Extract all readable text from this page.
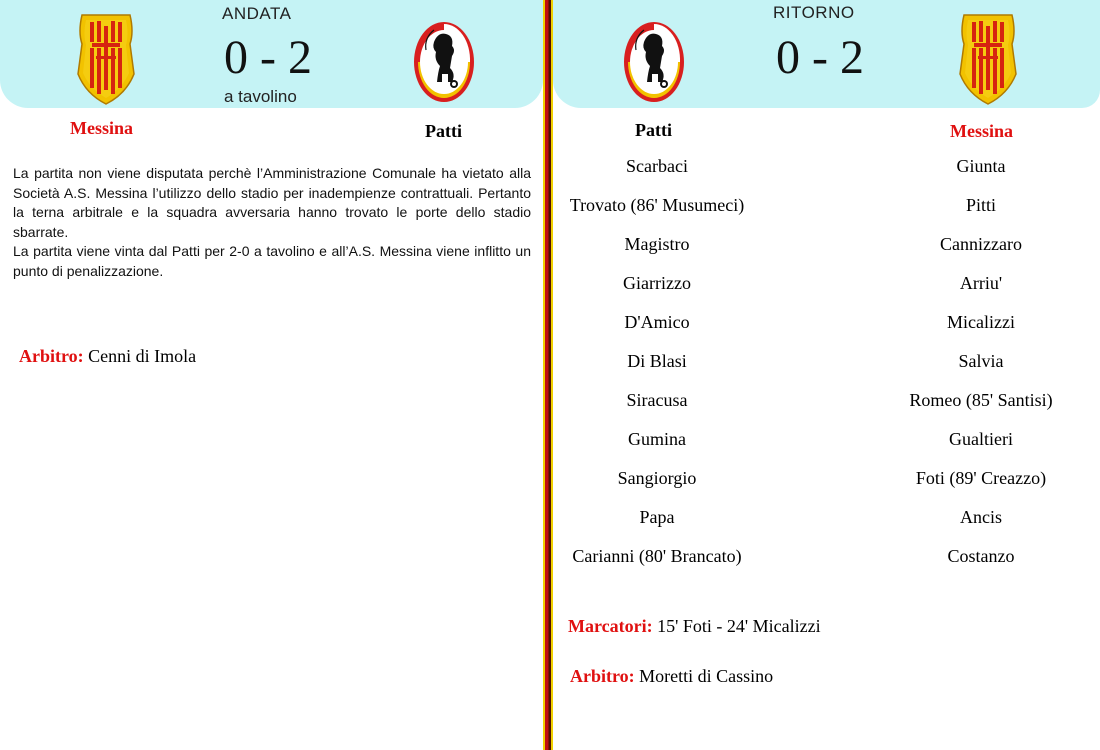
ANDATA
0 - 2
a tavolino
Messina	Patti

La partita non viene disputata perchè l’Amministrazione Comunale ha vietato alla Società A.S. Messina l’utilizzo dello stadio per inadempienze contrattuali. Pertanto la terna arbitrale e la squadra avversaria hanno trovato le porte dello stadio sbarrate.

La partita viene vinta dal Patti per 2-0 a tavolino e all’A.S. Messina viene inflitto un punto di penalizzazione.

Arbitro: Cenni di Imola
RITORNO
0 - 2
Patti	Messina
Scarbaci
Trovato (86' Musumeci)
Magistro
Giarrizzo
D'Amico
Di Blasi
Siracusa
Gumina
Sangiorgio
Papa
Carianni (80' Brancato)
Giunta
Pitti
Cannizzaro
Arriu'
Micalizzi
Salvia
Romeo (85' Santisi)
Gualtieri
Foti (89' Creazzo)
Ancis
Costanzo
Marcatori: 15' Foti - 24' Micalizzi
Arbitro: Moretti di Cassino
